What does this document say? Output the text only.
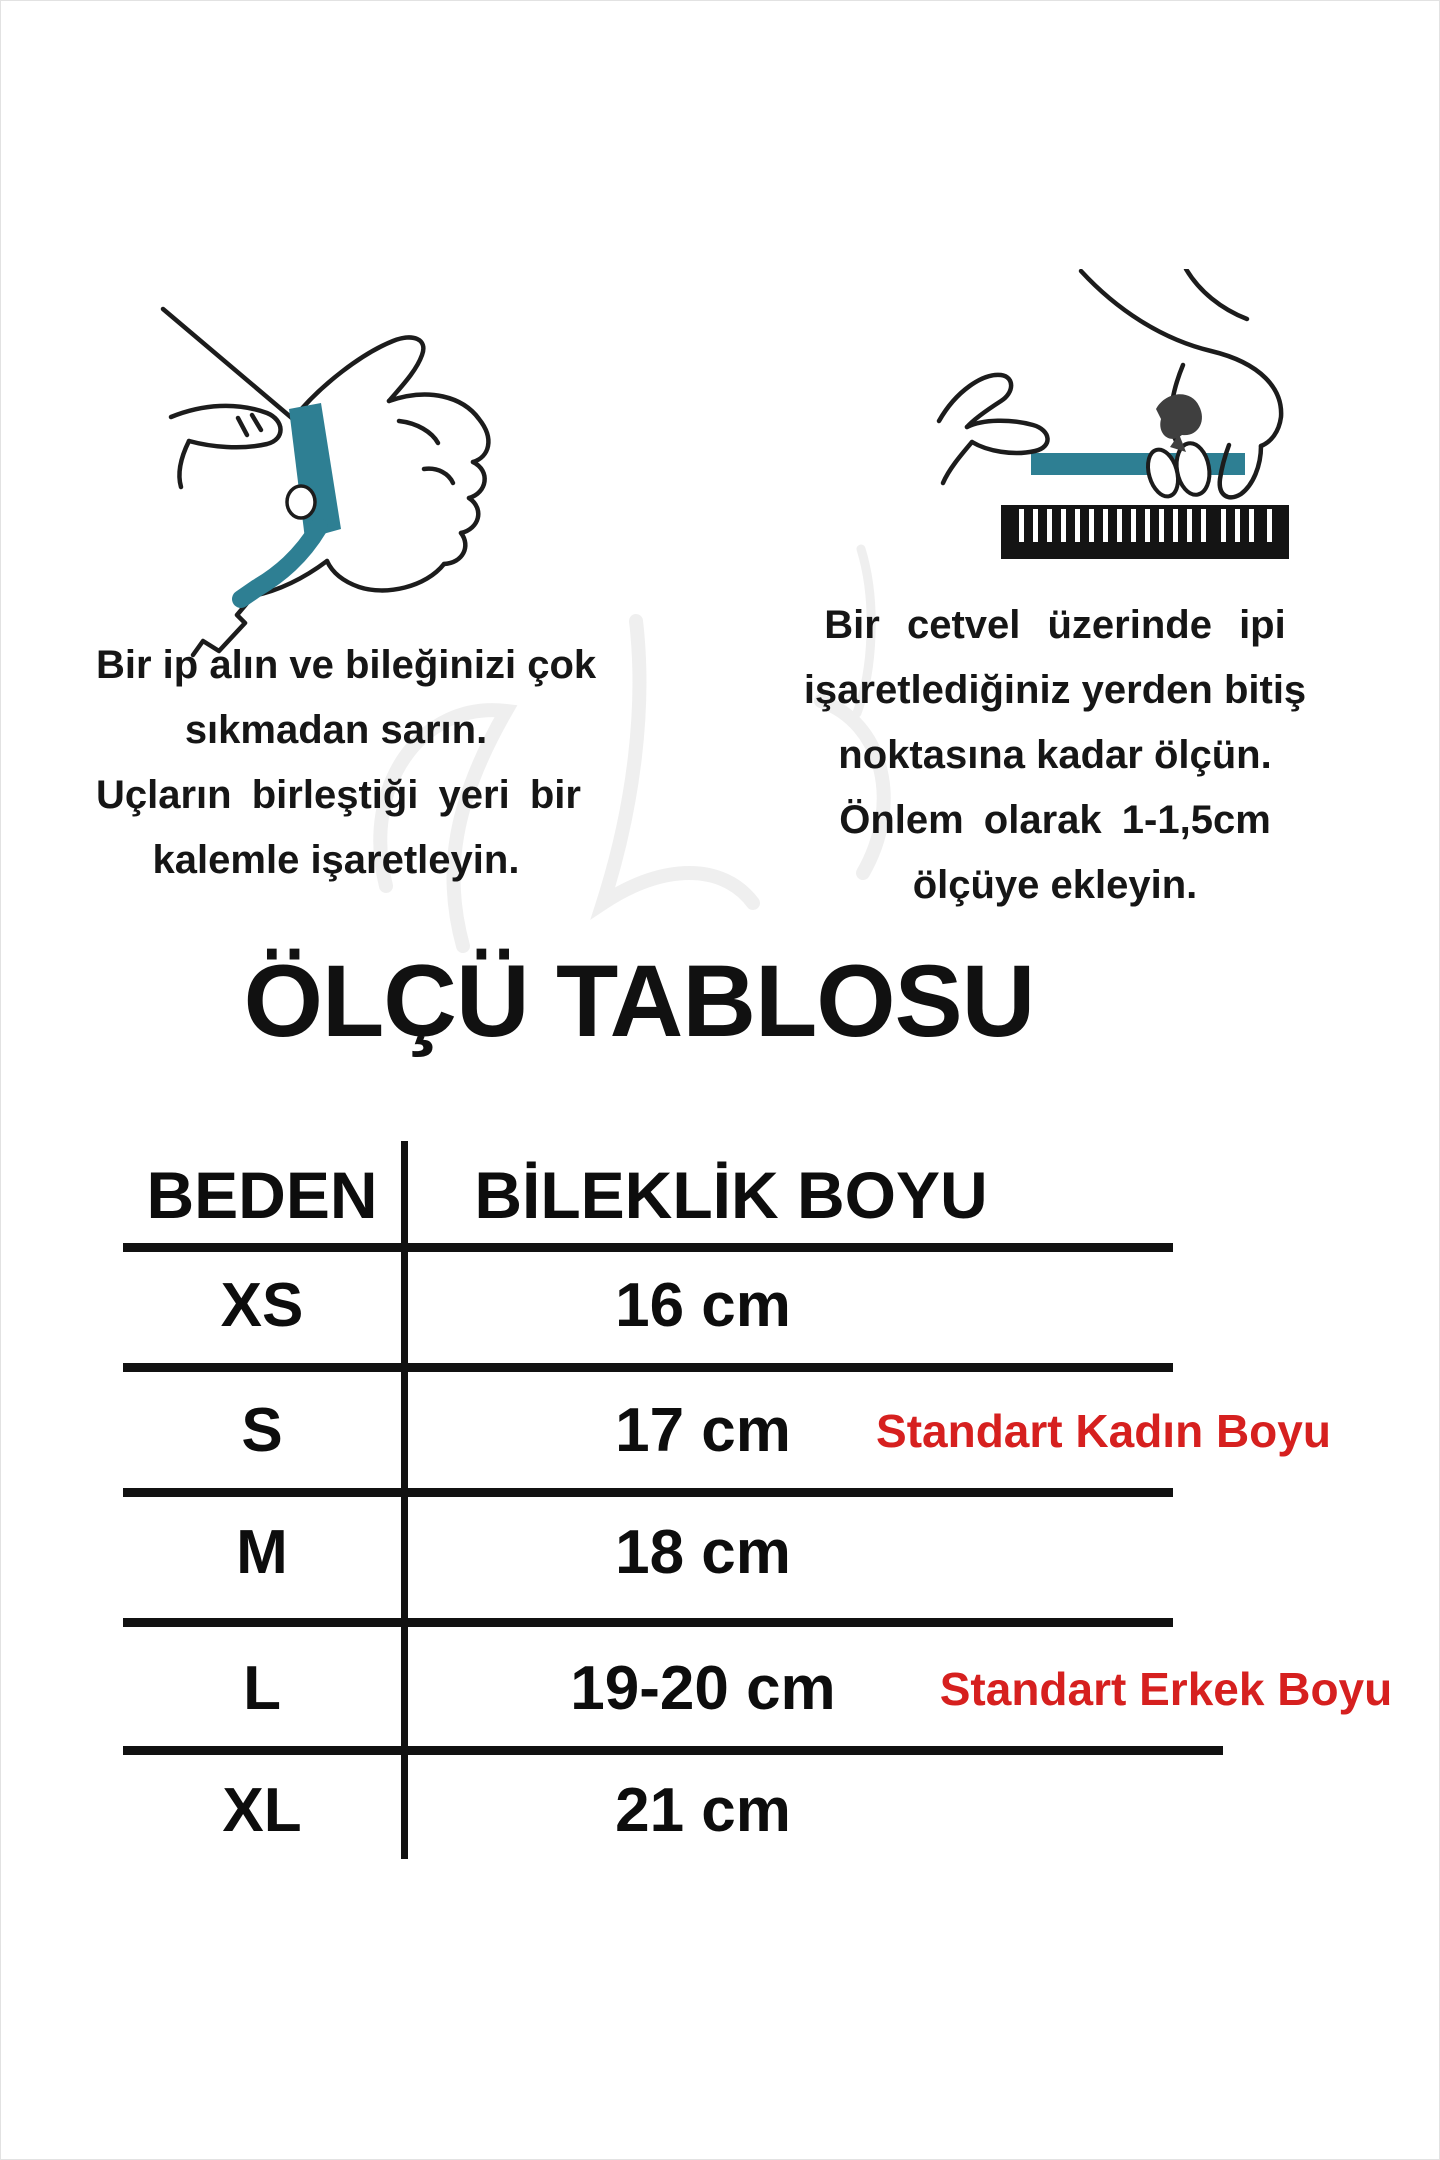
Bir ip alın ve bileğinizi çok
sıkmadan sarın.
Uçların birleştiği yeri bir
kalemle işaretleyin.
Bir cetvel üzerinde ipi
işaretlediğiniz yerden bitiş
noktasına kadar ölçün.
Önlem olarak 1-1,5cm
ölçüye ekleyin.
ÖLÇÜ TABLOSU
BEDEN	BİLEKLİK BOYU
XS	16 cm
S	17 cm	Standart Kadın Boyu
M	18 cm
L	19-20 cm	Standart Erkek Boyu
XL	21 cm
